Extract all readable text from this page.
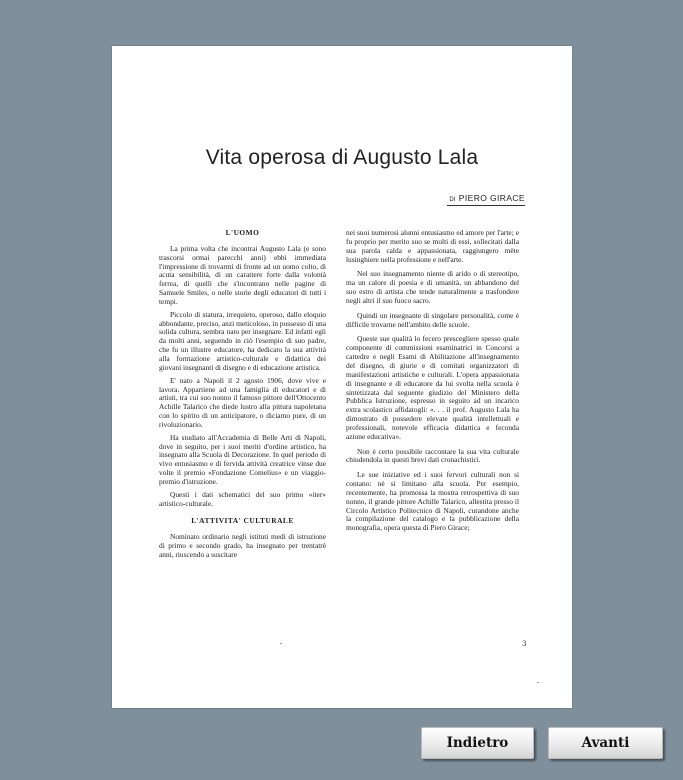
Vita operosa di Augusto Lala
DI PIERO GIRACE
L'UOMO

La prima volta che incontrai Augusto Lala (e sono trascorsi ormai parecchi anni) ebbi immediata l'impressione di trovarmi di fronte ad un uomo colto, di acuta sensibilità, di un carattere forte dalla volontà ferrea, di quelli che s'incontrano nelle pagine di Samuele Smiles, o nelle storie degli educatori di tutti i tempi.

Piccolo di statura, irrequieto, operoso, dallo eloquio abbondante, preciso, anzi meticoloso, in possesso di una solida cultura, sembra nato per insegnare. Ed infatti egli da molti anni, seguendo in ciò l'esempio di suo padre, che fu un illustre educatore, ha dedicato la sua attività alla formazione artistico-culturale e didattica dei giovani insegnanti di disegno e di educazione artistica.

E' nato a Napoli il 2 agosto 1906, dove vive e lavora. Appartiene ad una famiglia di educatori e di artisti, tra cui suo nonno il famoso pittore dell'Ottocento Achille Talarico che diede lustro alla pittura napoletana con lo spirito di un anticipatore, o diciamo pure, di un rivoluzionario.

Ha studiato all'Accademia di Belle Arti di Napoli, dove in seguito, per i suoi meriti d'ordine artistico, ha insegnato alla Scuola di Decorazione. In quel periodo di vivo entusiasmo e di fervida attività creatrice vinse due volte il premio «Fondazione Comelius» e un viaggio-premio d'istruzione.

Questi i dati schematici del suo primo «iter» artistico-culturale.

L'ATTIVITA' CULTURALE

Nominato ordinario negli istituti medi di istruzione di primo e secondo grado, ha insegnato per trentatrè anni, riuscendo a suscitare

nei suoi numerosi alunni entusiasmo ed amore per l'arte; e fu proprio per merito suo se molti di essi, sollecitati dalla sua parola calda e appassionata, raggiungero mète lusinghiere nella professione e nell'arte.

Nel suo insegnamento niente di arido o di stereotipo, ma un calore di poesia e di umanità, un abbandono del suo estro di artista che tende naturalmente a trasfondere negli altri il suo fuoco sacro.

Quindi un insegnante di singolare personalità, come è difficile trovarne nell'ambito delle scuole.

Queste sue qualità lo fecero prescegliere spesso quale componente di commissioni esaminatrici in Concorsi a cattedre e negli Esami di Abilitazione all'insegnamento del disegno, di giurie e di comitati organizzatori di manifestazioni artistiche e culturali. L'opera appassionata di insegnante e di educatore da lui svolta nella scuola è sintetizzata dal seguente giudizio del Ministero della Pubblica Istruzione, espresso in seguito ad un incarico extra scolastico affidatogli: «. . . il prof. Augusto Lala ha dimostrato di possedere elevate qualità intellettuali e professionali, notevole efficacia didattica e feconda azione educativa».

Non è certo possibile raccontare la sua vita culturale chiudendola in questi brevi dati cronachistici.

Le sue iniziative ed i suoi fervori culturali non si contano: nè si limitano alla scuola. Per esempio, recentemente, ha promossa la mostra retrospettiva di suo nonno, il grande pittore Achille Talarico, allestita presso il Circolo Artistico Politecnico di Napoli, curandone anche la compilazione del catalogo e la pubblicazione della monografia, opera questa di Piero Girace;

3
Indietro	Avanti
